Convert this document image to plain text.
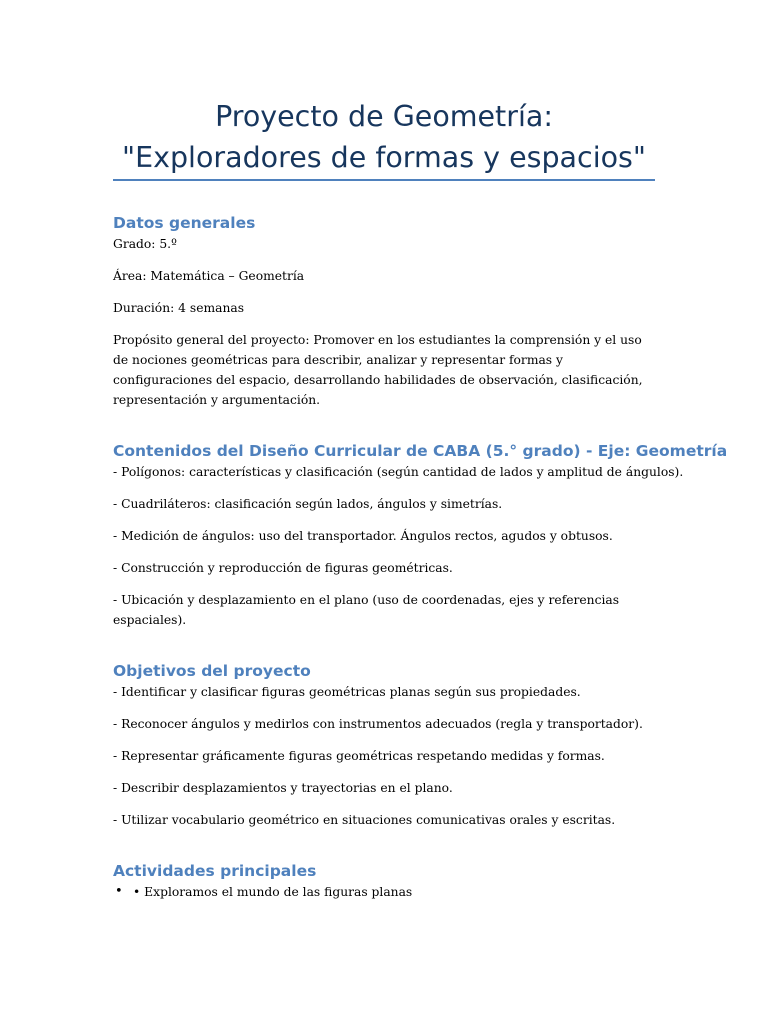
Proyecto de Geometría: "Exploradores de formas y espacios"
Datos generales

Grado: 5.º

Área: Matemática – Geometría

Duración: 4 semanas

Propósito general del proyecto: Promover en los estudiantes la comprensión y el uso de nociones geométricas para describir, analizar y representar formas y configuraciones del espacio, desarrollando habilidades de observación, clasificación, representación y argumentación.

Contenidos del Diseño Curricular de CABA (5.° grado) - Eje: Geometría

- Polígonos: características y clasificación (según cantidad de lados y amplitud de ángulos).

- Cuadriláteros: clasificación según lados, ángulos y simetrías.

- Medición de ángulos: uso del transportador. Ángulos rectos, agudos y obtusos.

- Construcción y reproducción de figuras geométricas.

- Ubicación y desplazamiento en el plano (uso de coordenadas, ejes y referencias espaciales).

Objetivos del proyecto

- Identificar y clasificar figuras geométricas planas según sus propiedades.

- Reconocer ángulos y medirlos con instrumentos adecuados (regla y transportador).

- Representar gráficamente figuras geométricas respetando medidas y formas.

- Describir desplazamientos y trayectorias en el plano.

- Utilizar vocabulario geométrico en situaciones comunicativas orales y escritas.

Actividades principales
• • Exploramos el mundo de las figuras planas
